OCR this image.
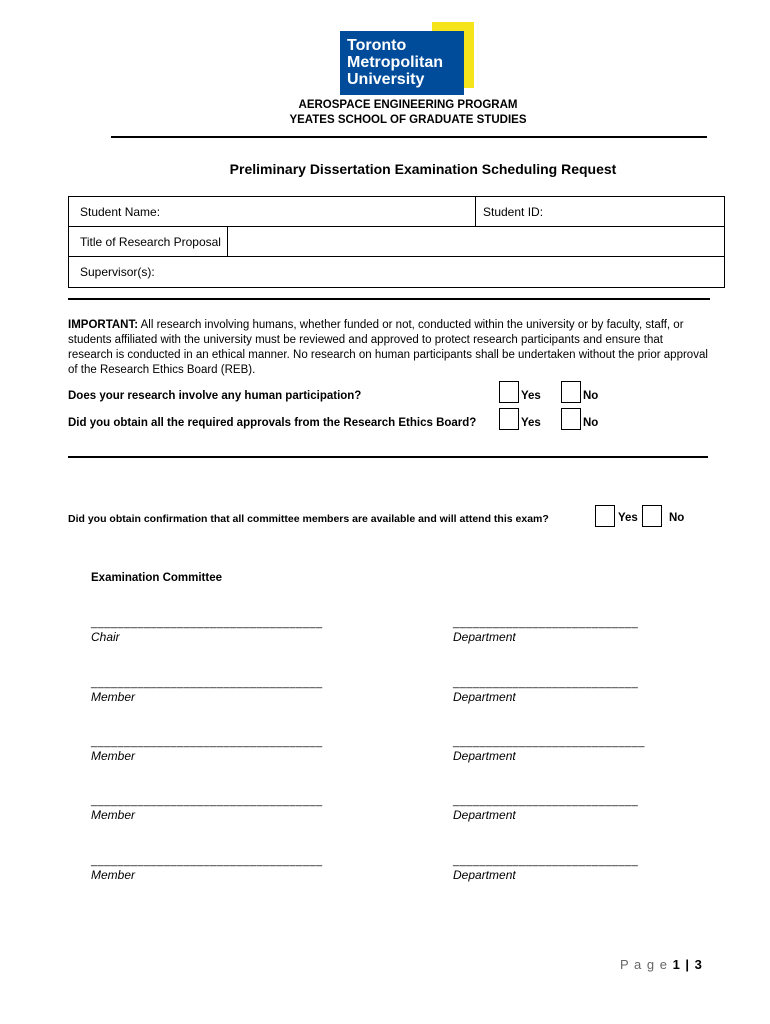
Toronto
Metropolitan
University
AEROSPACE ENGINEERING PROGRAM
YEATES SCHOOL OF GRADUATE STUDIES
Preliminary Dissertation Examination Scheduling Request
Student Name:	Student ID:
Title of Research Proposal
Supervisor(s):
IMPORTANT: All research involving humans, whether funded or not, conducted within the university or by faculty, staff, or students affiliated with the university must be reviewed and approved to protect research participants and ensure that research is conducted in an ethical manner. No research on human participants shall be undertaken without the prior approval of the Research Ethics Board (REB).
Does your research involve any human participation?	Yes	No
Did you obtain all the required approvals from the Research Ethics Board?	Yes	No
Did you obtain confirmation that all committee members are available and will attend this exam?	Yes	No
Examination Committee
___________________________________
Chair
____________________________
Department
___________________________________
Member
____________________________
Department
___________________________________
Member
_____________________________
Department
___________________________________
Member
____________________________
Department
___________________________________
Member
____________________________
Department
P a g e 1 | 3
